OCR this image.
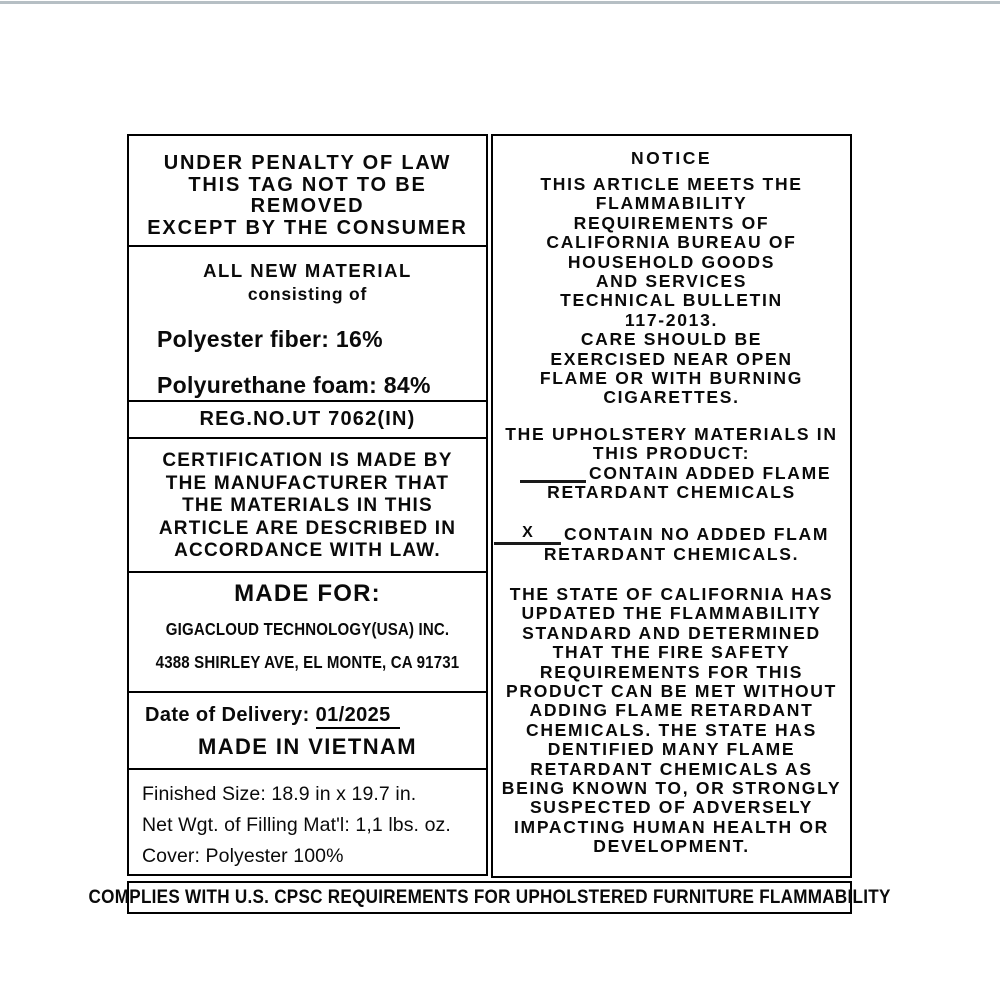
UNDER PENALTY OF LAW
THIS TAG NOT TO BE
REMOVED
EXCEPT BY THE CONSUMER
ALL NEW MATERIAL
consisting of
Polyester fiber: 16%
Polyurethane foam: 84%
REG.NO.UT 7062(IN)
CERTIFICATION IS MADE BY
THE MANUFACTURER THAT
THE MATERIALS IN THIS
ARTICLE ARE DESCRIBED IN
ACCORDANCE WITH LAW.
MADE FOR:
GIGACLOUD TECHNOLOGY(USA) INC.
4388 SHIRLEY AVE, EL MONTE, CA 91731
Date of Delivery: 01/2025
MADE IN VIETNAM
Finished Size: 18.9 in x 19.7 in.
Net Wgt. of Filling Mat'l: 1,1 lbs. oz.
Cover: Polyester 100%
NOTICE
THIS ARTICLE MEETS THE
FLAMMABILITY
REQUIREMENTS OF
CALIFORNIA BUREAU OF
HOUSEHOLD GOODS
AND SERVICES
TECHNICAL BULLETIN
117-2013.
CARE SHOULD BE
EXERCISED NEAR OPEN
FLAME OR WITH BURNING
CIGARETTES.
THE UPHOLSTERY MATERIALS IN
THIS PRODUCT:
CONTAIN ADDED FLAME
RETARDANT CHEMICALS
X	CONTAIN NO ADDED FLAM
RETARDANT CHEMICALS.
THE STATE OF CALIFORNIA HAS
UPDATED THE FLAMMABILITY
STANDARD AND DETERMINED
THAT THE FIRE SAFETY
REQUIREMENTS FOR THIS
PRODUCT CAN BE MET WITHOUT
ADDING FLAME RETARDANT
CHEMICALS. THE STATE HAS
DENTIFIED MANY FLAME
RETARDANT CHEMICALS AS
BEING KNOWN TO, OR STRONGLY
SUSPECTED OF ADVERSELY
IMPACTING HUMAN HEALTH OR
DEVELOPMENT.
COMPLIES WITH U.S. CPSC REQUIREMENTS FOR UPHOLSTERED FURNITURE FLAMMABILITY
